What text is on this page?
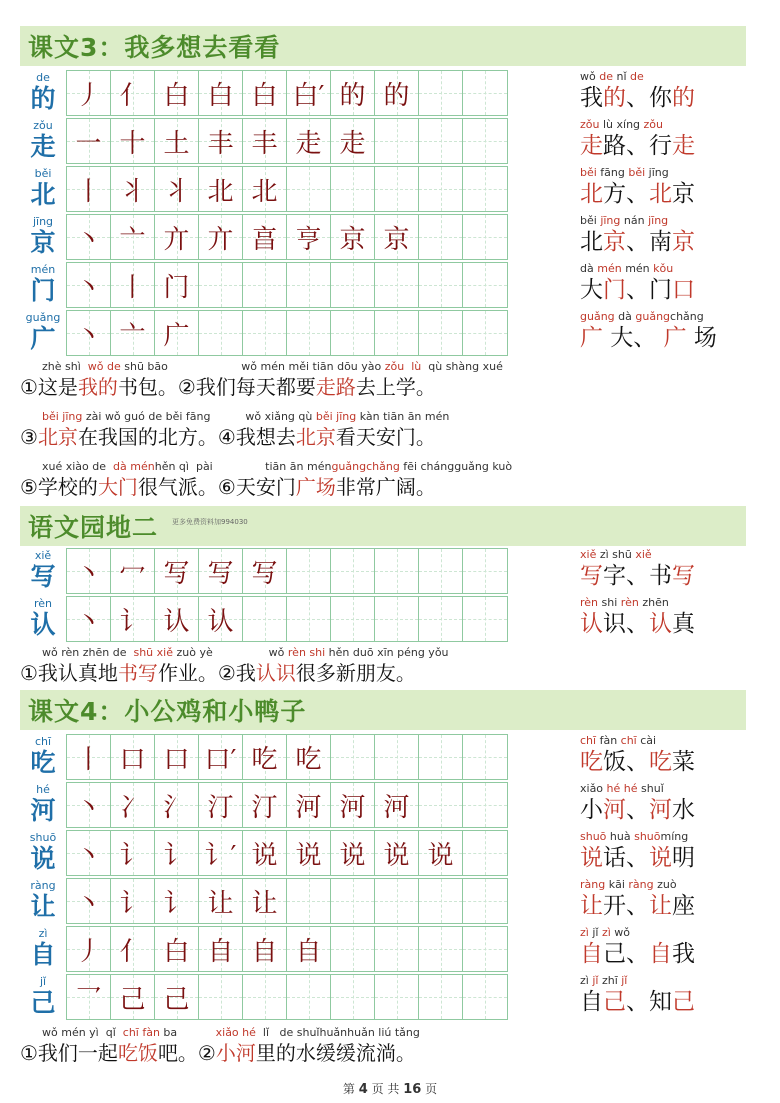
课文3：我多想去看看
de
的 丿 亻 白 白 白 白′ 的 的
wǒ de nǐ de
我的、你的
zǒu
走 一 十 土 丰 丰 走 走
zǒu lù xíng zǒu
走路、行走
běi
北 丨 丬 丬 北 北
běi fāng běi jīng
北方、北京
jīng
京 丶 亠 亣 亣 亯 亨 京 京
běi jīng nán jīng
北京、南京
mén
门 丶 丨 门
dà mén mén kǒu
大门、门口
guǎng
广 丶 亠 广
guǎng dà guǎngchǎng
广 大、 广 场
zhè shì  wǒ de shū bāo                     wǒ mén měi tiān dōu yào zǒu  lù  qù shàng xué
①这是我的书包。②我们每天都要走路去上学。
běi jīng zài wǒ guó de běi fāng          wǒ xiǎng qù běi jīng kàn tiān ān mén
③北京在我国的北方。④我想去北京看天安门。
xué xiào de  dà ménhěn qì  pài               tiān ān ménguǎngchǎng fēi chángguǎng kuò
⑤学校的大门很气派。⑥天安门广场非常广阔。
语文园地二 更多免费资料加994030
xiě
写 丶 冖 写 写 写
xiě zì shū xiě
写字、书写
rèn
认 丶 讠 认 认
rèn shi rèn zhēn
认识、认真
wǒ rèn zhēn de  shū xiě zuò yè                wǒ rèn shi hěn duō xīn péng yǒu
①我认真地书写作业。②我认识很多新朋友。
课文4：小公鸡和小鸭子
chī
吃 丨 口 口 口′ 吃 吃
chī fàn chī cài
吃饭、吃菜
hé
河 丶 冫 氵 汀 汀 河 河 河
xiǎo hé hé shuǐ
小河、河水
shuō
说 丶 讠 讠 讠′ 说 说 说 说 说
shuō huà shuōmíng
说话、说明
ràng
让 丶 讠 讠 让 让
ràng kāi ràng zuò
让开、让座
zì
自 丿 亻 白 自 自 自
zì jǐ zì wǒ
自己、自我
jǐ
己 乛 己 己
zì jǐ zhī jǐ
自己、知己
wǒ mén yì  qǐ  chī fàn ba           xiǎo hé  lǐ   de shuǐhuǎnhuǎn liú tǎng
①我们一起吃饭吧。②小河里的水缓缓流淌。
第 4 页 共 16 页
